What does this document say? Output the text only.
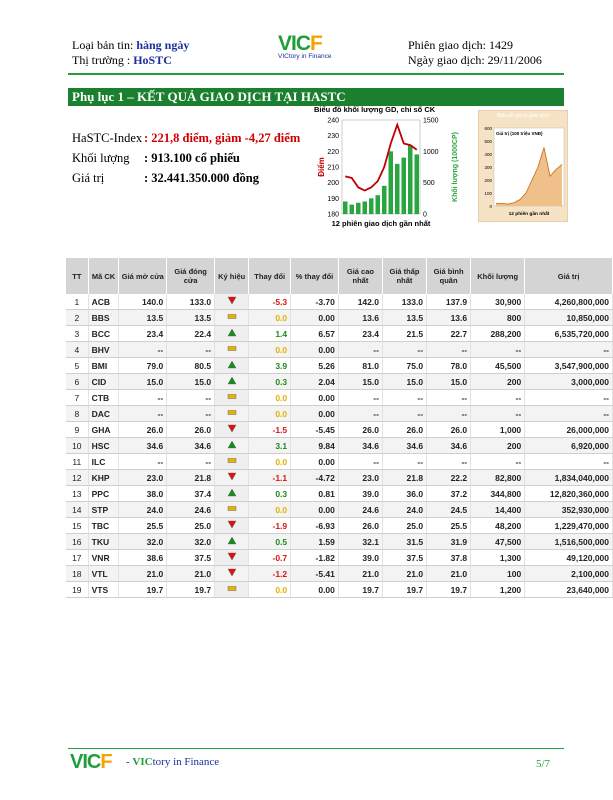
Loại bản tin: hàng ngày
Thị trường : HoSTC
VICF
VICtory in Finance
Phiên giao dịch: 1429
Ngày giao dịch: 29/11/2006
Phụ lục 1 – KẾT QUẢ GIAO DỊCH TẠI HASTC
HaSTC-Index : 221,8 điểm, giảm -4,27 điểm
Khối lượng	: 913.100 cổ phiếu
Giá trị	: 32.441.350.000 đồng
Biểu đồ khối lượng GD, chỉ số CK
240
230
220
210
200
190
180
1500
1000
500
0
Điểm	Khối lượng (1000CP)
12 phiên giao dịch gần nhất
Biểu đồ giá trị giao dịch
Giá trị (100 triệu VNĐ)
600
500
400
300
200
100
0
12 phiên gần nhất
TT	Mã CK	Giá mở cửa	Giá đóng cửa	Ký hiệu	Thay đổi	% thay đổi	Giá cao nhất	Giá thấp nhất	Giá bình quân	Khối lượng	Giá trị
1	ACB	140.0	133.0		-5.3	-3.70	142.0	133.0	137.9	30,900	4,260,800,000
2	BBS	13.5	13.5		0.0	0.00	13.6	13.5	13.6	800	10,850,000
3	BCC	23.4	22.4		1.4	6.57	23.4	21.5	22.7	288,200	6,535,720,000
4	BHV	--	--		0.0	0.00	--	--	--	--	--
5	BMI	79.0	80.5		3.9	5.26	81.0	75.0	78.0	45,500	3,547,900,000
6	CID	15.0	15.0		0.3	2.04	15.0	15.0	15.0	200	3,000,000
7	CTB	--	--		0.0	0.00	--	--	--	--	--
8	DAC	--	--		0.0	0.00	--	--	--	--	--
9	GHA	26.0	26.0		-1.5	-5.45	26.0	26.0	26.0	1,000	26,000,000
10	HSC	34.6	34.6		3.1	9.84	34.6	34.6	34.6	200	6,920,000
11	ILC	--	--		0.0	0.00	--	--	--	--	--
12	KHP	23.0	21.8		-1.1	-4.72	23.0	21.8	22.2	82,800	1,834,040,000
13	PPC	38.0	37.4		0.3	0.81	39.0	36.0	37.2	344,800	12,820,360,000
14	STP	24.0	24.6		0.0	0.00	24.6	24.0	24.5	14,400	352,930,000
15	TBC	25.5	25.0		-1.9	-6.93	26.0	25.0	25.5	48,200	1,229,470,000
16	TKU	32.0	32.0		0.5	1.59	32.1	31.5	31.9	47,500	1,516,500,000
17	VNR	38.6	37.5		-0.7	-1.82	39.0	37.5	37.8	1,300	49,120,000
18	VTL	21.0	21.0		-1.2	-5.41	21.0	21.0	21.0	100	2,100,000
19	VTS	19.7	19.7		0.0	0.00	19.7	19.7	19.7	1,200	23,640,000
VICF - VICtory in Finance	5/7
